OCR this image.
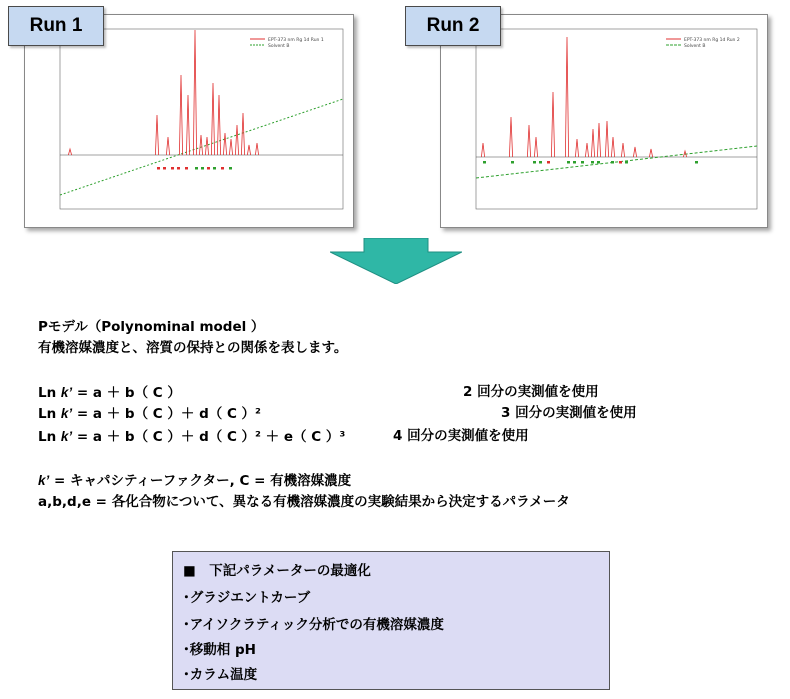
Run 1	Run 2
EPT-373 nm Rg 1d Run 1
Solvent B
EPT-373 nm Rg 1d Run 2
Solvent B
Pモデル（Polynominal model ）
有機溶媒濃度と、溶質の保持との関係を表します。
Ln k’ = a ＋ b（ C ）	2 回分の実測値を使用
Ln k’ = a ＋ b（ C ）＋ d（ C ）²	3 回分の実測値を使用
Ln k’ = a ＋ b（ C ）＋ d（ C ）² ＋ e（ C ）³	4 回分の実測値を使用
k’ = キャパシティーファクター, C = 有機溶媒濃度
a,b,d,e = 各化合物について、異なる有機溶媒濃度の実験結果から決定するパラメータ
■　下記パラメーターの最適化
･グラジエントカーブ
･アイソクラティック分析での有機溶媒濃度
･移動相 pH
･カラム温度
